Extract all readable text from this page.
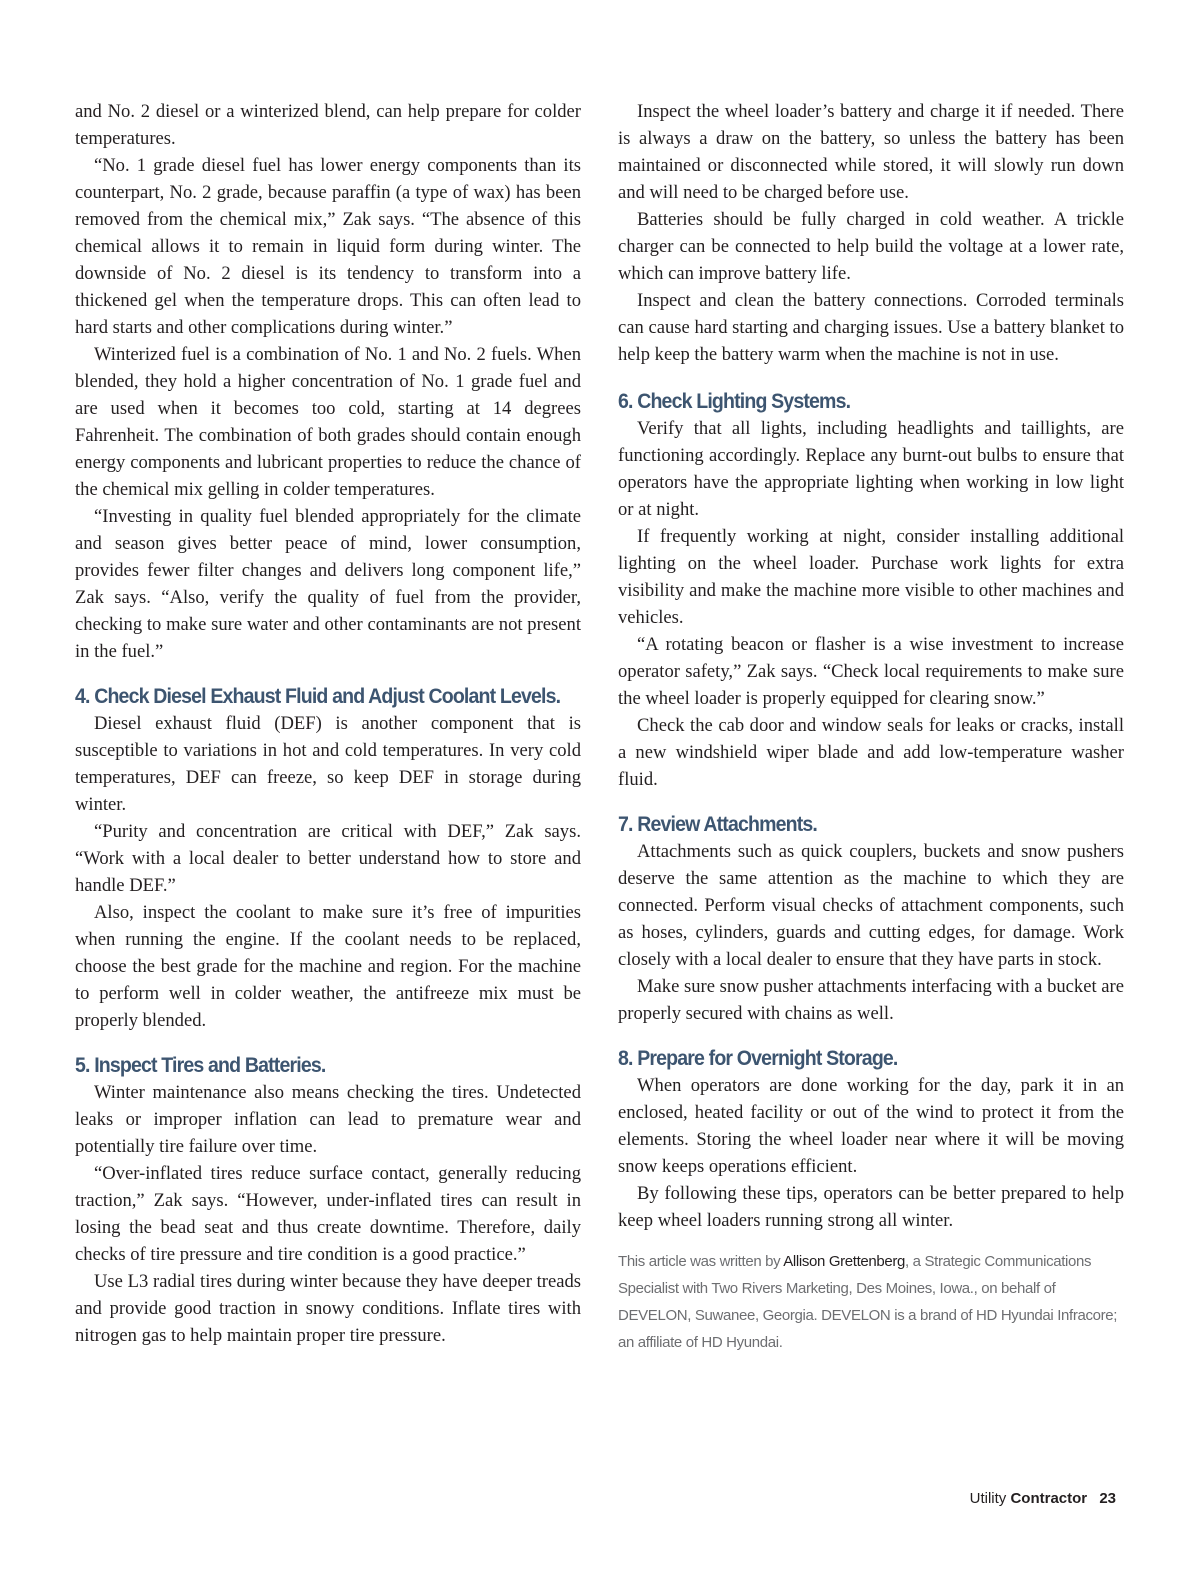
and No. 2 diesel or a winterized blend, can help prepare for colder temperatures.

“No. 1 grade diesel fuel has lower energy components than its counterpart, No. 2 grade, because paraffin (a type of wax) has been removed from the chemical mix,” Zak says. “The absence of this chemical allows it to remain in liquid form during winter. The downside of No. 2 diesel is its tendency to transform into a thickened gel when the temperature drops. This can often lead to hard starts and other complications during winter.”

Winterized fuel is a combination of No. 1 and No. 2 fuels. When blended, they hold a higher concentration of No. 1 grade fuel and are used when it becomes too cold, starting at 14 degrees Fahrenheit. The combination of both grades should contain enough energy components and lubricant properties to reduce the chance of the chemical mix gelling in colder temperatures.

“Investing in quality fuel blended appropriately for the climate and season gives better peace of mind, lower consumption, provides fewer filter changes and delivers long component life,” Zak says. “Also, verify the quality of fuel from the provider, checking to make sure water and other contaminants are not present in the fuel.”

4. Check Diesel Exhaust Fluid and Adjust Coolant Levels.

Diesel exhaust fluid (DEF) is another component that is susceptible to variations in hot and cold temperatures. In very cold temperatures, DEF can freeze, so keep DEF in storage during winter.

“Purity and concentration are critical with DEF,” Zak says. “Work with a local dealer to better understand how to store and handle DEF.”

Also, inspect the coolant to make sure it’s free of impurities when running the engine. If the coolant needs to be replaced, choose the best grade for the machine and region. For the machine to perform well in colder weather, the antifreeze mix must be properly blended.

5. Inspect Tires and Batteries.

Winter maintenance also means checking the tires. Undetected leaks or improper inflation can lead to premature wear and potentially tire failure over time.

“Over-inflated tires reduce surface contact, generally reducing traction,” Zak says. “However, under-inflated tires can result in losing the bead seat and thus create downtime. Therefore, daily checks of tire pressure and tire condition is a good practice.”

Use L3 radial tires during winter because they have deeper treads and provide good traction in snowy conditions. Inflate tires with nitrogen gas to help maintain proper tire pressure.

Inspect the wheel loader’s battery and charge it if needed. There is always a draw on the battery, so unless the battery has been maintained or disconnected while stored, it will slowly run down and will need to be charged before use.

Batteries should be fully charged in cold weather. A trickle charger can be connected to help build the voltage at a lower rate, which can improve battery life.

Inspect and clean the battery connections. Corroded terminals can cause hard starting and charging issues. Use a battery blanket to help keep the battery warm when the machine is not in use.

6. Check Lighting Systems.

Verify that all lights, including headlights and taillights, are functioning accordingly. Replace any burnt-out bulbs to ensure that operators have the appropriate lighting when working in low light or at night.

If frequently working at night, consider installing additional lighting on the wheel loader. Purchase work lights for extra visibility and make the machine more visible to other machines and vehicles.

“A rotating beacon or flasher is a wise investment to increase operator safety,” Zak says. “Check local requirements to make sure the wheel loader is properly equipped for clearing snow.”

Check the cab door and window seals for leaks or cracks, install a new windshield wiper blade and add low-temperature washer fluid.

7. Review Attachments.

Attachments such as quick couplers, buckets and snow pushers deserve the same attention as the machine to which they are connected. Perform visual checks of attachment components, such as hoses, cylinders, guards and cutting edges, for damage. Work closely with a local dealer to ensure that they have parts in stock.

Make sure snow pusher attachments interfacing with a bucket are properly secured with chains as well.

8. Prepare for Overnight Storage.

When operators are done working for the day, park it in an enclosed, heated facility or out of the wind to protect it from the elements. Storing the wheel loader near where it will be moving snow keeps operations efficient.

By following these tips, operators can be better prepared to help keep wheel loaders running strong all winter.

This article was written by Allison Grettenberg, a Strategic Communications Specialist with Two Rivers Marketing, Des Moines, Iowa., on behalf of DEVELON, Suwanee, Georgia. DEVELON is a brand of HD Hyundai Infracore; an affiliate of HD Hyundai.
Utility Contractor 23
